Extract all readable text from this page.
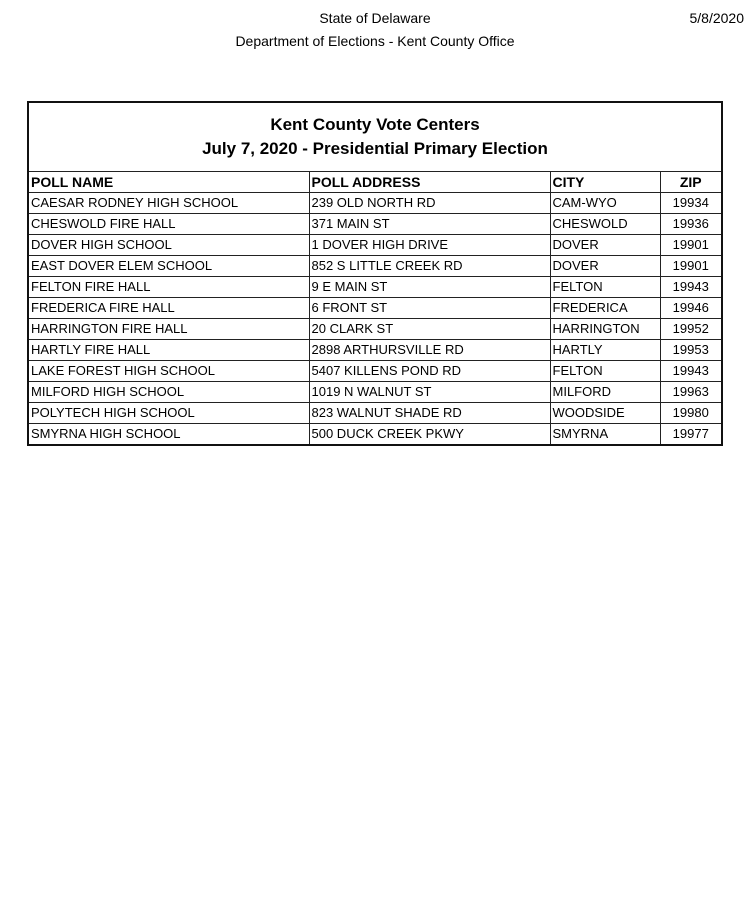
State of Delaware
Department of Elections - Kent County Office
5/8/2020
Kent County Vote Centers
July 7, 2020 - Presidential Primary Election
POLL NAME	POLL ADDRESS	CITY	ZIP
CAESAR RODNEY HIGH SCHOOL	239 OLD NORTH RD	CAM-WYO	19934
CHESWOLD FIRE HALL	371 MAIN ST	CHESWOLD	19936
DOVER HIGH SCHOOL	1 DOVER HIGH DRIVE	DOVER	19901
EAST DOVER ELEM SCHOOL	852 S LITTLE CREEK RD	DOVER	19901
FELTON FIRE HALL	9 E MAIN ST	FELTON	19943
FREDERICA FIRE HALL	6 FRONT ST	FREDERICA	19946
HARRINGTON FIRE HALL	20 CLARK ST	HARRINGTON	19952
HARTLY FIRE HALL	2898 ARTHURSVILLE RD	HARTLY	19953
LAKE FOREST HIGH SCHOOL	5407 KILLENS POND RD	FELTON	19943
MILFORD HIGH SCHOOL	1019 N WALNUT ST	MILFORD	19963
POLYTECH HIGH SCHOOL	823 WALNUT SHADE RD	WOODSIDE	19980
SMYRNA HIGH SCHOOL	500 DUCK CREEK PKWY	SMYRNA	19977
